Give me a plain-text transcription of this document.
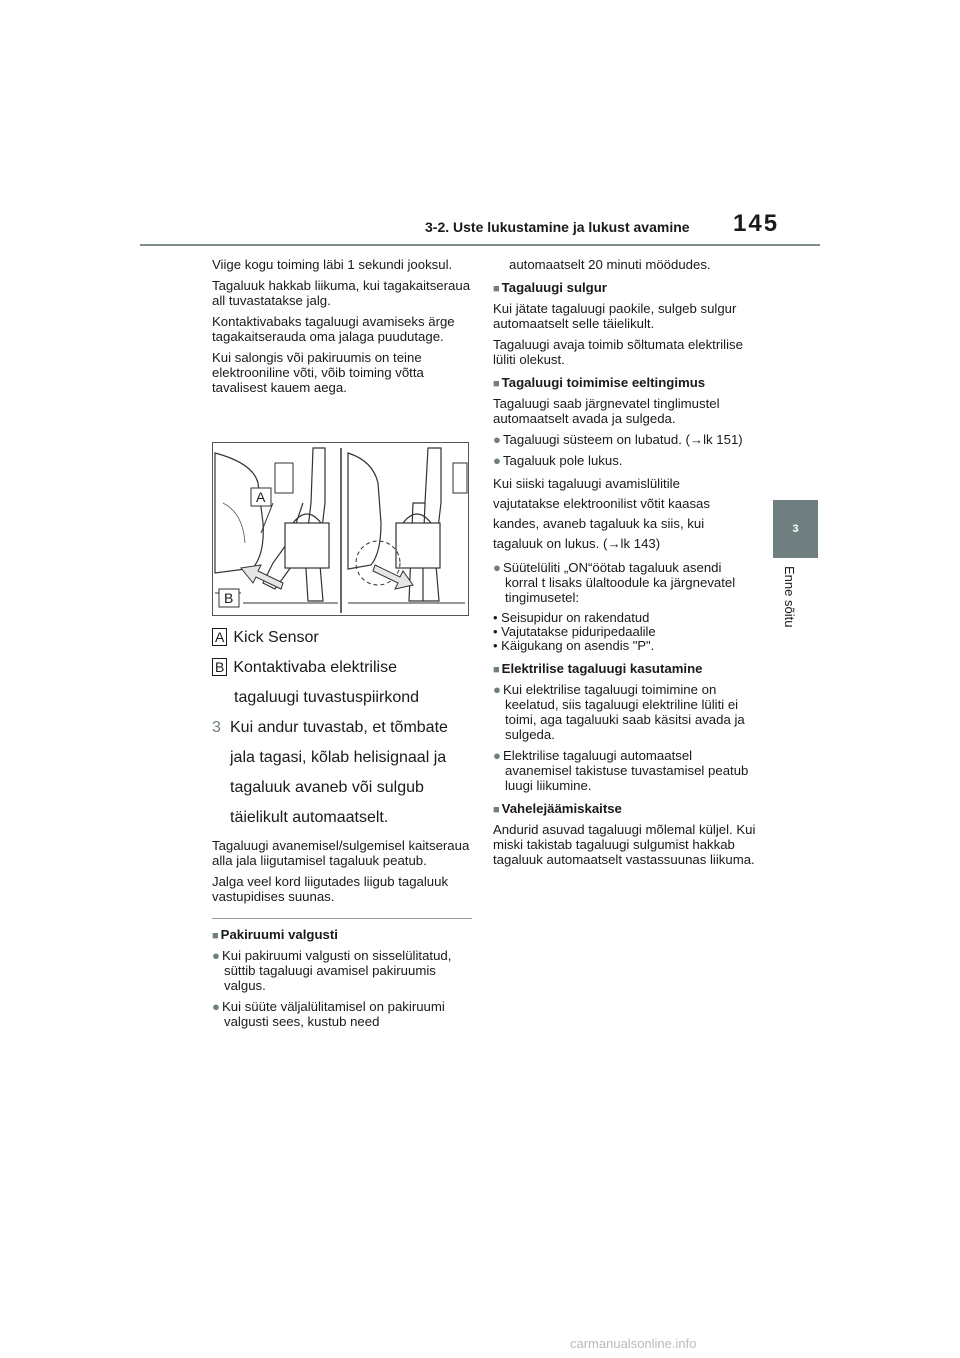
3-2. Uste lukustamine ja lukust avamine 145
3
Enne sõitu

Viige kogu toiming läbi 1 sekundi jooksul.

Tagaluuk hakkab liikuma, kui tagakaitseraua all tuvastatakse jalg.

Kontaktivabaks tagaluugi avamiseks ärge tagakaitserauda oma jalaga puudutage.

Kui salongis või pakiruumis on teine elektrooniline võti, võib toiming võtta tavalisest kauem aega.

A
B

A Kick Sensor

B Kontaktivaba elektrilise

tagaluugi tuvastuspiirkond

3 Kui andur tuvastab, et tõmbate

jala tagasi, kõlab helisignaal ja

tagaluuk avaneb või sulgub

täielikult automaatselt.

Tagaluugi avanemisel/sulgemisel kaitseraua alla jala liigutamisel tagaluuk peatub.

Jalga veel kord liigutades liigub tagaluuk vastupidises suunas.

■ Pakiruumi valgusti

● Kui pakiruumi valgusti on sisselülitatud, süttib tagaluugi avamisel pakiruumis valgus.

● Kui süüte väljalülitamisel on pakiruumi valgusti sees, kustub need

automaatselt 20 minuti möödudes.

■ Tagaluugi sulgur

Kui jätate tagaluugi paokile, sulgeb sulgur automaatselt selle täielikult.

Tagaluugi avaja toimib sõltumata elektrilise lüliti olekust.

■ Tagaluugi toimimise eeltingimus

Tagaluugi saab järgnevatel tinglimustel automaatselt avada ja sulgeda.

● Tagaluugi süsteem on lubatud. (→lk 151)

● Tagaluuk pole lukus.

Kui siiski tagaluugi avamislülitile

vajutatakse elektroonilist võtit kaasas

kandes, avaneb tagaluuk ka siis, kui

tagaluuk on lukus. (→lk 143)

● Süütelüliti „ON“öötab tagaluuk asendi korral t lisaks ülaltoodule ka järgnevatel tingimusetel:

• Seisupidur on rakendatud

• Vajutatakse piduripedaalile

• Käigukang on asendis "P".

■ Elektrilise tagaluugi kasutamine

● Kui elektrilise tagaluugi toimimine on keelatud, siis tagaluugi elektriline lüliti ei toimi, aga tagaluuki saab käsitsi avada ja sulgeda.

● Elektrilise tagaluugi automaatsel avanemisel takistuse tuvastamisel peatub luugi liikumine.

■ Vahelejäämiskaitse

Andurid asuvad tagaluugi mõlemal küljel. Kui miski takistab tagaluugi sulgumist hakkab tagaluuk automaatselt vastassuunas liikuma.

carmanualsonline.info
